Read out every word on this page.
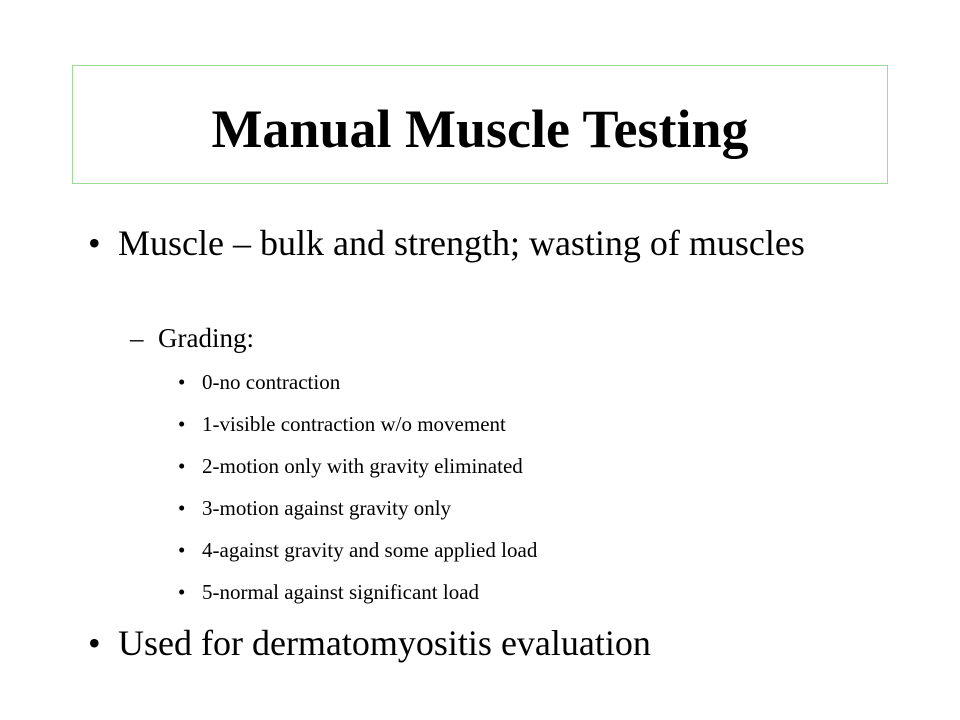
Manual Muscle Testing
• Muscle – bulk and strength; wasting of muscles
– Grading:
• 0-no contraction
• 1-visible contraction w/o movement
• 2-motion only with gravity eliminated
• 3-motion against gravity only
• 4-against gravity and some applied load
• 5-normal against significant load
• Used for dermatomyositis evaluation
